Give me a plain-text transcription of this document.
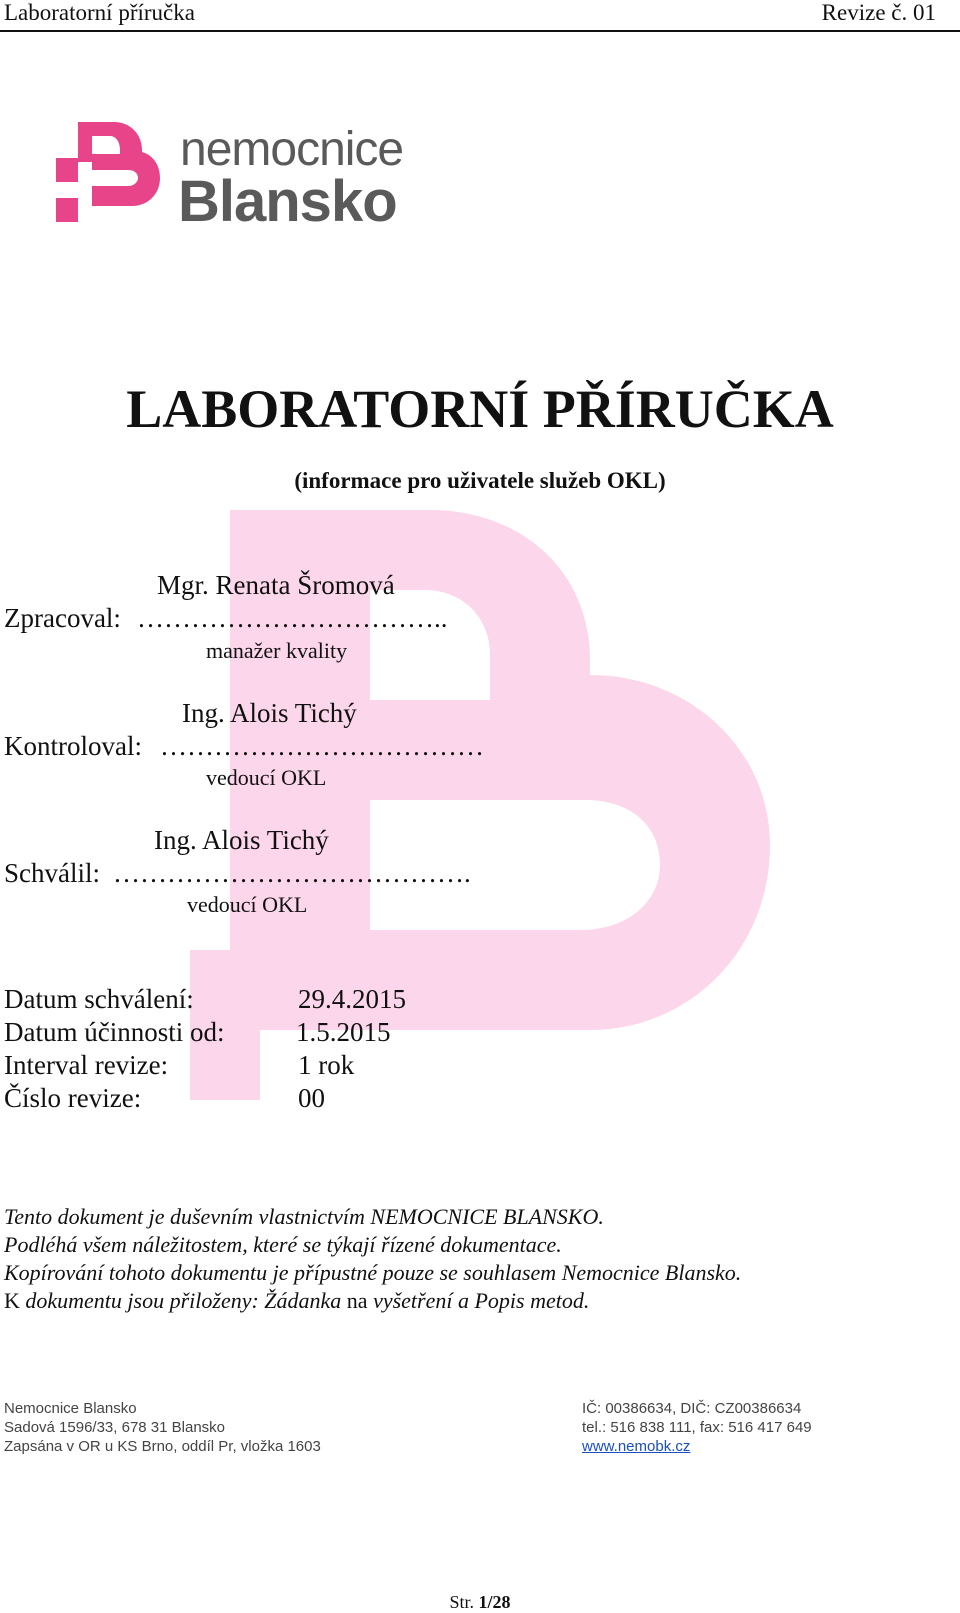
Laboratorní příručka	Revize č. 01
nemocnice
Blansko
LABORATORNÍ PŘÍRUČKA
(informace pro uživatele služeb OKL)
Mgr. Renata Šromová
Zpracoval: ……………………………..
manažer kvality
Ing. Alois Tichý
Kontroloval: ………………………………
vedoucí OKL
Ing. Alois Tichý
Schválil: ………………………………….
vedoucí OKL
Datum schválení:	29.4.2015
Datum účinnosti od:	1.5.2015
Interval revize:	1 rok
Číslo revize:	00
Tento dokument je duševním vlastnictvím NEMOCNICE BLANSKO.
Podléhá všem náležitostem, které se týkají řízené dokumentace.
Kopírování tohoto dokumentu je přípustné pouze se souhlasem Nemocnice Blansko.
K dokumentu jsou přiloženy: Žádanka na vyšetření a Popis metod.
Nemocnice Blansko
Sadová 1596/33, 678 31 Blansko
Zapsána v OR u KS Brno, oddíl Pr, vložka 1603
IČ: 00386634, DIČ: CZ00386634
tel.: 516 838 111, fax: 516 417 649
www.nemobk.cz
Str. 1/28
